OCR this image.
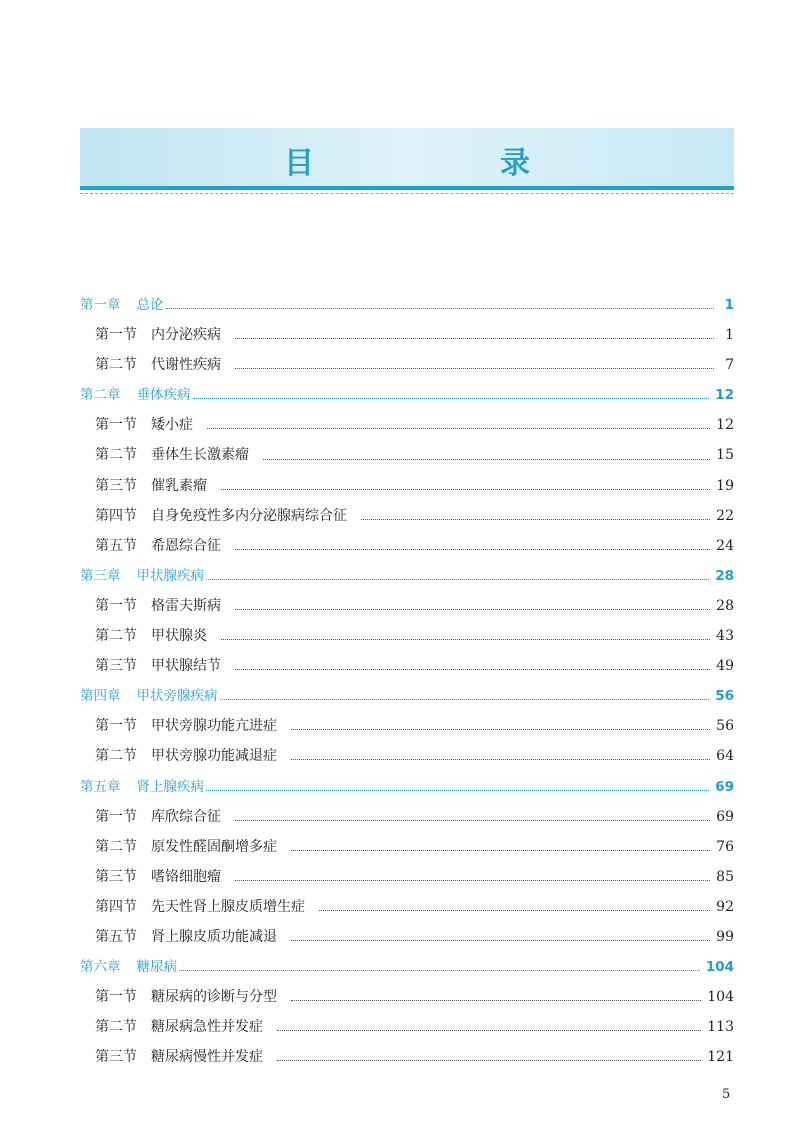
目　录
第一章 总论	1
第一节 内分泌疾病	1
第二节 代谢性疾病	7
第二章 垂体疾病	12
第一节 矮小症	12
第二节 垂体生长激素瘤	15
第三节 催乳素瘤	19
第四节 自身免疫性多内分泌腺病综合征	22
第五节 希恩综合征	24
第三章 甲状腺疾病	28
第一节 格雷夫斯病	28
第二节 甲状腺炎	43
第三节 甲状腺结节	49
第四章 甲状旁腺疾病	56
第一节 甲状旁腺功能亢进症	56
第二节 甲状旁腺功能减退症	64
第五章 肾上腺疾病	69
第一节 库欣综合征	69
第二节 原发性醛固酮增多症	76
第三节 嗜铬细胞瘤	85
第四节 先天性肾上腺皮质增生症	92
第五节 肾上腺皮质功能减退	99
第六章 糖尿病	104
第一节 糖尿病的诊断与分型	104
第二节 糖尿病急性并发症	113
第三节 糖尿病慢性并发症	121
5
